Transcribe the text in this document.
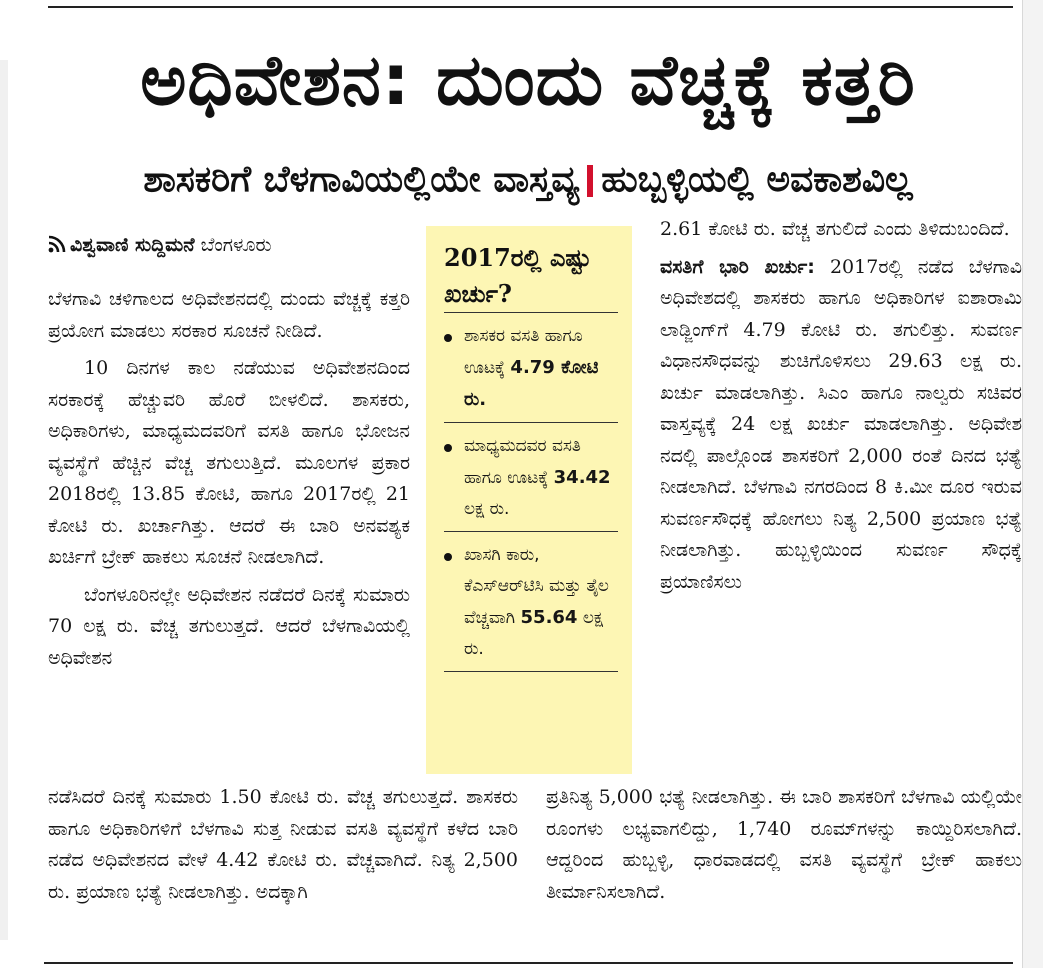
ಅಧಿವೇಶನ: ದುಂದು ವೆಚ್ಚಕ್ಕೆ ಕತ್ತರಿ
ಶಾಸಕರಿಗೆ ಬೆಳಗಾವಿಯಲ್ಲಿಯೇ ವಾಸ್ತವ್ಯ ಹುಬ್ಬಳ್ಳಿಯಲ್ಲಿ ಅವಕಾಶವಿಲ್ಲ
ವಿಶ್ವವಾಣಿ ಸುದ್ದಿಮನೆ ಬೆಂಗಳೂರು

ಬೆಳಗಾವಿ ಚಳಿಗಾಲದ ಅಧಿವೇಶನದಲ್ಲಿ ದುಂದು ವೆಚ್ಚಕ್ಕೆ ಕತ್ತರಿ ಪ್ರಯೋಗ ಮಾಡಲು ಸರಕಾರ ಸೂಚನೆ ನೀಡಿದೆ.

10 ದಿನಗಳ ಕಾಲ ನಡೆಯುವ ಅಧಿವೇಶನದಿಂದ ಸರಕಾರಕ್ಕೆ ಹೆಚ್ಚುವರಿ ಹೊರೆ ಬೀಳಲಿದೆ. ಶಾಸಕರು, ಅಧಿಕಾರಿಗಳು, ಮಾಧ್ಯಮದವರಿಗೆ ವಸತಿ ಹಾಗೂ ಭೋಜನ ವ್ಯವಸ್ಥೆಗೆ ಹೆಚ್ಚಿನ ವೆಚ್ಚ ತಗುಲುತ್ತಿದೆ. ಮೂಲಗಳ ಪ್ರಕಾರ 2018ರಲ್ಲಿ 13.85 ಕೋಟಿ, ಹಾಗೂ 2017ರಲ್ಲಿ 21 ಕೋಟಿ ರು. ಖರ್ಚಾಗಿತ್ತು. ಆದರೆ ಈ ಬಾರಿ ಅನವಶ್ಯಕ ಖರ್ಚಿಗೆ ಬ್ರೇಕ್ ಹಾಕಲು ಸೂಚನೆ ನೀಡಲಾಗಿದೆ.

ಬೆಂಗಳೂರಿನಲ್ಲೇ ಅಧಿವೇಶನ ನಡೆದರೆ ದಿನಕ್ಕೆ ಸುಮಾರು 70 ಲಕ್ಷ ರು. ವೆಚ್ಚ ತಗುಲುತ್ತದೆ. ಆದರೆ ಬೆಳಗಾವಿಯಲ್ಲಿ ಅಧಿವೇಶನ

ನಡೆಸಿದರೆ ದಿನಕ್ಕೆ ಸುಮಾರು 1.50 ಕೋಟಿ ರು. ವೆಚ್ಚ ತಗುಲುತ್ತದೆ. ಶಾಸಕರು ಹಾಗೂ ಅಧಿಕಾರಿಗಳಿಗೆ ಬೆಳಗಾವಿ ಸುತ್ತ ನೀಡುವ ವಸತಿ ವ್ಯವಸ್ಥೆಗೆ ಕಳೆದ ಬಾರಿ ನಡೆದ ಅಧಿವೇಶನದ ವೇಳೆ 4.42 ಕೋಟಿ ರು. ವೆಚ್ಚವಾಗಿದೆ. ನಿತ್ಯ 2,500 ರು. ಪ್ರಯಾಣ ಭತ್ಯೆ ನೀಡಲಾಗಿತ್ತು. ಅದಕ್ಕಾಗಿ

2017ರಲ್ಲಿ ಎಷ್ಟು ಖರ್ಚು?
ಶಾಸಕರ ವಸತಿ ಹಾಗೂ ಊಟಕ್ಕೆ 4.79 ಕೋಟಿ ರು.
ಮಾಧ್ಯಮದವರ ವಸತಿ ಹಾಗೂ ಊಟಕ್ಕೆ 34.42 ಲಕ್ಷ ರು.
ಖಾಸಗಿ ಕಾರು, ಕೆಎಸ್‌ಆರ್‌ಟಿಸಿ ಮತ್ತು ತೈಲ ವೆಚ್ಚವಾಗಿ 55.64 ಲಕ್ಷ ರು.

2.61 ಕೋಟಿ ರು. ವೆಚ್ಚ ತಗುಲಿದೆ ಎಂದು ತಿಳಿದುಬಂದಿದೆ.

ವಸತಿಗೆ ಭಾರಿ ಖರ್ಚು: 2017ರಲ್ಲಿ ನಡೆದ ಬೆಳಗಾವಿ ಅಧಿವೇಶದಲ್ಲಿ ಶಾಸಕರು ಹಾಗೂ ಅಧಿಕಾರಿಗಳ ಐಶಾರಾಮಿ ಲಾಡ್ಜಿಂಗ್‌ಗೆ 4.79 ಕೋಟಿ ರು. ತಗುಲಿತ್ತು. ಸುವರ್ಣ ವಿಧಾನಸೌಧವನ್ನು ಶುಚಿಗೊಳಿಸಲು 29.63 ಲಕ್ಷ ರು. ಖರ್ಚು ಮಾಡಲಾಗಿತ್ತು. ಸಿಎಂ ಹಾಗೂ ನಾಲ್ವರು ಸಚಿವರ ವಾಸ್ತವ್ಯಕ್ಕೆ 24 ಲಕ್ಷ ಖರ್ಚು ಮಾಡಲಾಗಿತ್ತು. ಅಧಿವೇಶ ನದಲ್ಲಿ ಪಾಲ್ಗೊಂಡ ಶಾಸಕರಿಗೆ 2,000 ರಂತೆ ದಿನದ ಭತ್ಯೆ ನೀಡಲಾಗಿದೆ. ಬೆಳಗಾವಿ ನಗರದಿಂದ 8 ಕಿ.ಮೀ ದೂರ ಇರುವ ಸುವರ್ಣಸೌಧಕ್ಕೆ ಹೋಗಲು ನಿತ್ಯ 2,500 ಪ್ರಯಾಣ ಭತ್ಯೆ ನೀಡಲಾಗಿತ್ತು. ಹುಬ್ಬಳ್ಳಿಯಿಂದ ಸುವರ್ಣ ಸೌಧಕ್ಕೆ ಪ್ರಯಾಣಿಸಲು

ಪ್ರತಿನಿತ್ಯ 5,000 ಭತ್ಯೆ ನೀಡಲಾಗಿತ್ತು. ಈ ಬಾರಿ ಶಾಸಕರಿಗೆ ಬೆಳಗಾವಿ ಯಲ್ಲಿಯೇ ರೂಂಗಳು ಲಭ್ಯವಾಗಲಿದ್ದು, 1,740 ರೂಮ್‌ಗಳನ್ನು ಕಾಯ್ದಿರಿಸಲಾಗಿದೆ. ಆದ್ದರಿಂದ ಹುಬ್ಬಳ್ಳಿ, ಧಾರವಾಡದಲ್ಲಿ ವಸತಿ ವ್ಯವಸ್ಥೆಗೆ ಬ್ರೇಕ್ ಹಾಕಲು ತೀರ್ಮಾನಿಸಲಾಗಿದೆ.
